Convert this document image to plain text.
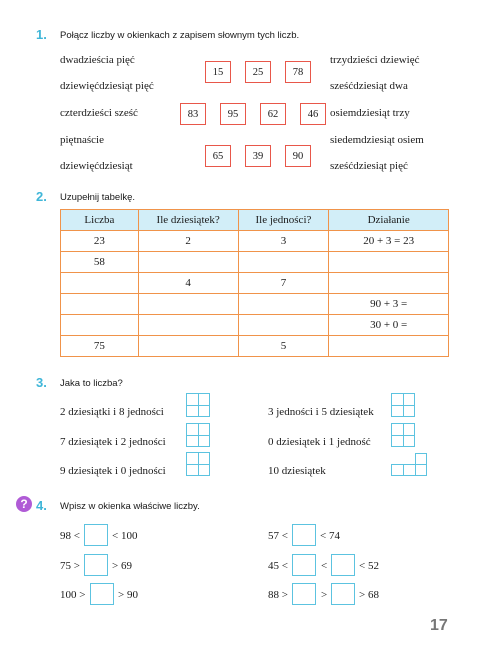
1. Połącz liczby w okienkach z zapisem słownym tych liczb.
dwadzieścia pięć
dziewięćdziesiąt pięć
czterdzieści sześć
piętnaście
dziewięćdziesiąt
trzydzieści dziewięć
sześćdziesiąt dwa
osiemdziesiąt trzy
siedemdziesiąt osiem
sześćdziesiąt pięć
15	25	78
83	95	62	46
65	39	90
2. Uzupełnij tabelkę.
Liczba	Ile dziesiątek?	Ile jedności?	Działanie
23	2	3	20 + 3 = 23
58			
	4	7	
			90 + 3 =
			30 + 0 =
75		5	
3. Jaka to liczba?
2 dziesiątki i 8 jedności
7 dziesiątek i 2 jedności
9 dziesiątek i 0 jedności
3 jedności i 5 dziesiątek
0 dziesiątek i 1 jedność
10 dziesiątek
? 4. Wpisz w okienka właściwe liczby.
98 <	< 100
75 >	> 69
100 >	> 90
57 <	< 74
45 <	<	< 52
88 >	>	> 68
17
